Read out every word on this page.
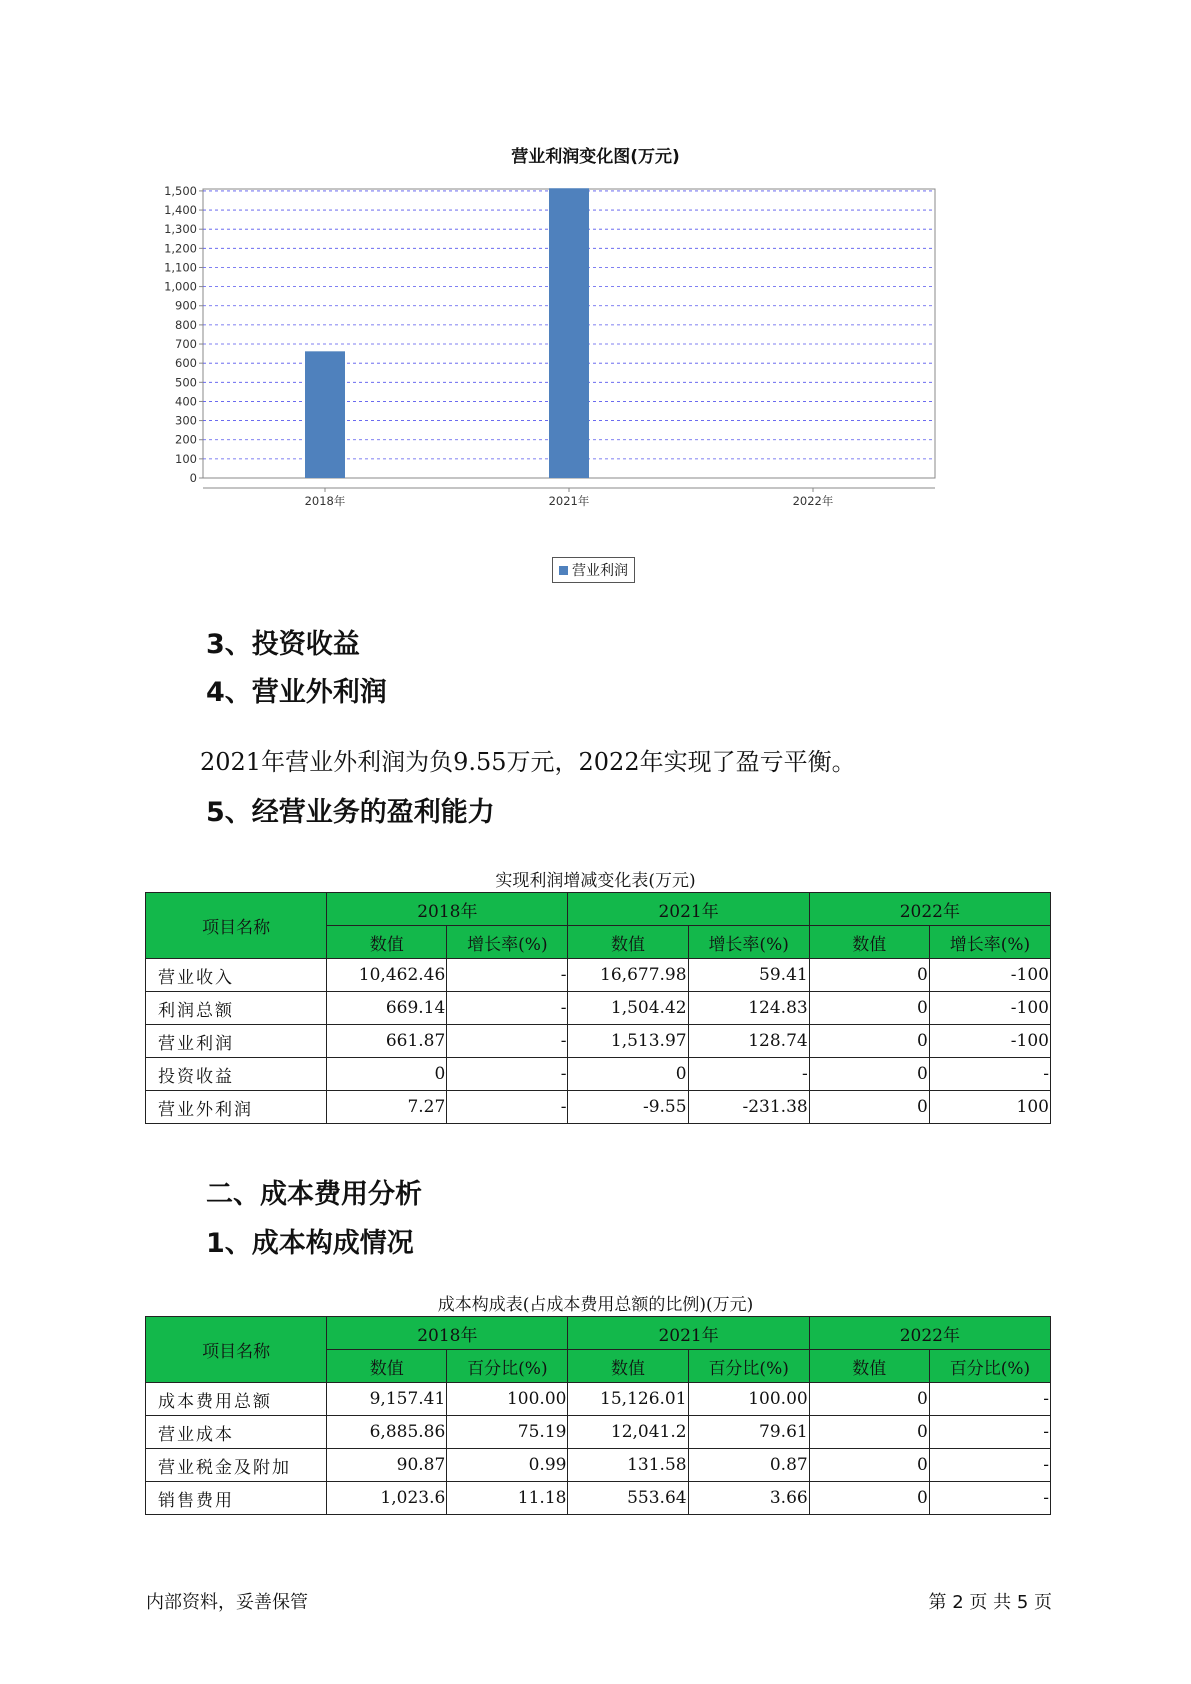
营业利润变化图(万元)
0
100
200
300
400
500
600
700
800
900
1,000
1,100
1,200
1,300
1,400
1,500
2018年	2021年	2022年
营业利润
3、投资收益
4、营业外利润

2021年营业外利润为负9.55万元，2022年实现了盈亏平衡。

5、经营业务的盈利能力
实现利润增减变化表(万元)
项目名称	2018年		2021年		2022年	
	数值	增长率(%)	数值	增长率(%)	数值	增长率(%)
营业收入	10,462.46	-	16,677.98	59.41	0	-100
利润总额	669.14	-	1,504.42	124.83	0	-100
营业利润	661.87	-	1,513.97	128.74	0	-100
投资收益	0	-	0	-	0	-
营业外利润	7.27	-	-9.55	-231.38	0	100
二、成本费用分析
1、成本构成情况
成本构成表(占成本费用总额的比例)(万元)
项目名称	2018年		2021年		2022年	
	数值	百分比(%)	数值	百分比(%)	数值	百分比(%)
成本费用总额	9,157.41	100.00	15,126.01	100.00	0	-
营业成本	6,885.86	75.19	12,041.2	79.61	0	-
营业税金及附加	90.87	0.99	131.58	0.87	0	-
销售费用	1,023.6	11.18	553.64	3.66	0	-
内部资料，妥善保管	第 2 页 共 5 页
